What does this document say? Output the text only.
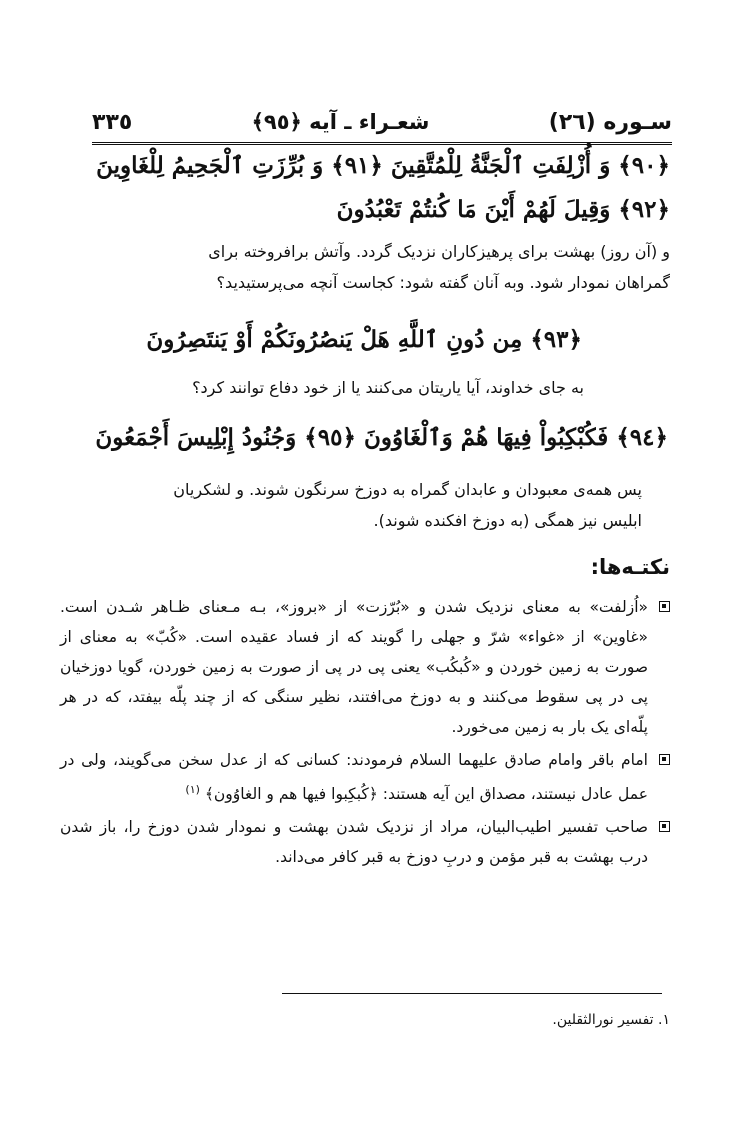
سـوره (٢٦)
شعـراء ـ آیه ﴿٩٥﴾
٣٣٥
﴿٩٠﴾ وَ أُزْلِفَتِ ٱلْجَنَّةُ لِلْمُتَّقِينَ ﴿٩١﴾ وَ بُرِّزَتِ ٱلْجَحِيمُ لِلْغَاوِينَ
﴿٩٢﴾ وَقِيلَ لَهُمْ أَيْنَ مَا كُنتُمْ تَعْبُدُونَ
و (آن روز) بهشت برای پرهیزکاران نزدیک گردد. وآتش برافروخته برای
گمراهان نمودار شود. وبه آنان گفته شود: کجاست آنچه می‌پرستیدید؟
﴿٩٣﴾ مِن دُونِ ٱللَّهِ هَلْ يَنصُرُونَكُمْ أَوْ يَنتَصِرُونَ
به جای خداوند، آیا یاریتان می‌کنند یا از خود دفاع توانند کرد؟
﴿٩٤﴾ فَكُبْكِبُواْ فِيهَا هُمْ وَٱلْغَاوُونَ ﴿٩٥﴾ وَجُنُودُ إِبْلِيسَ أَجْمَعُونَ
پس همه‌ی معبودان و عابدان گمراه به دوزخ سرنگون شوند. و لشکریان
ابلیس نیز همگی (به دوزخ افکنده شوند).
نکتـه‌ها:
«اُزلفت» به معنای نزدیک شدن و «بُرّزت» از «بروز»، بـه مـعنای ظـاهر شـدن است. «غاوین» از «غواء» شرّ و جهلی را گویند که از فساد عقیده است. «کُبّ» به معنای از صورت به زمین خوردن و «کُبکُب» یعنی پی در پی از صورت به زمین خوردن، گویا دوزخیان پی در پی سقوط می‌کنند و به دوزخ می‌افتند، نظیر سنگی که از چند پلّه بیفتد، که در هر پلّه‌ای یک بار به زمین می‌خورد.
امام باقر وامام صادق علیهما السلام فرمودند: کسانی که از عدل سخن می‌گویند، ولی در عمل عادل نیستند، مصداق این آیه هستند: ﴿کُبکِبوا فیها هم و الغاوُون﴾ $^{(١)}$
صاحب تفسیر اطیب‌البیان، مراد از نزدیک شدن بهشت و نمودار شدن دوزخ را، باز شدن درب بهشت به قبر مؤمن و دربِ دوزخ به قبر کافر می‌داند.
١. تفسیر نورالثقلین.
